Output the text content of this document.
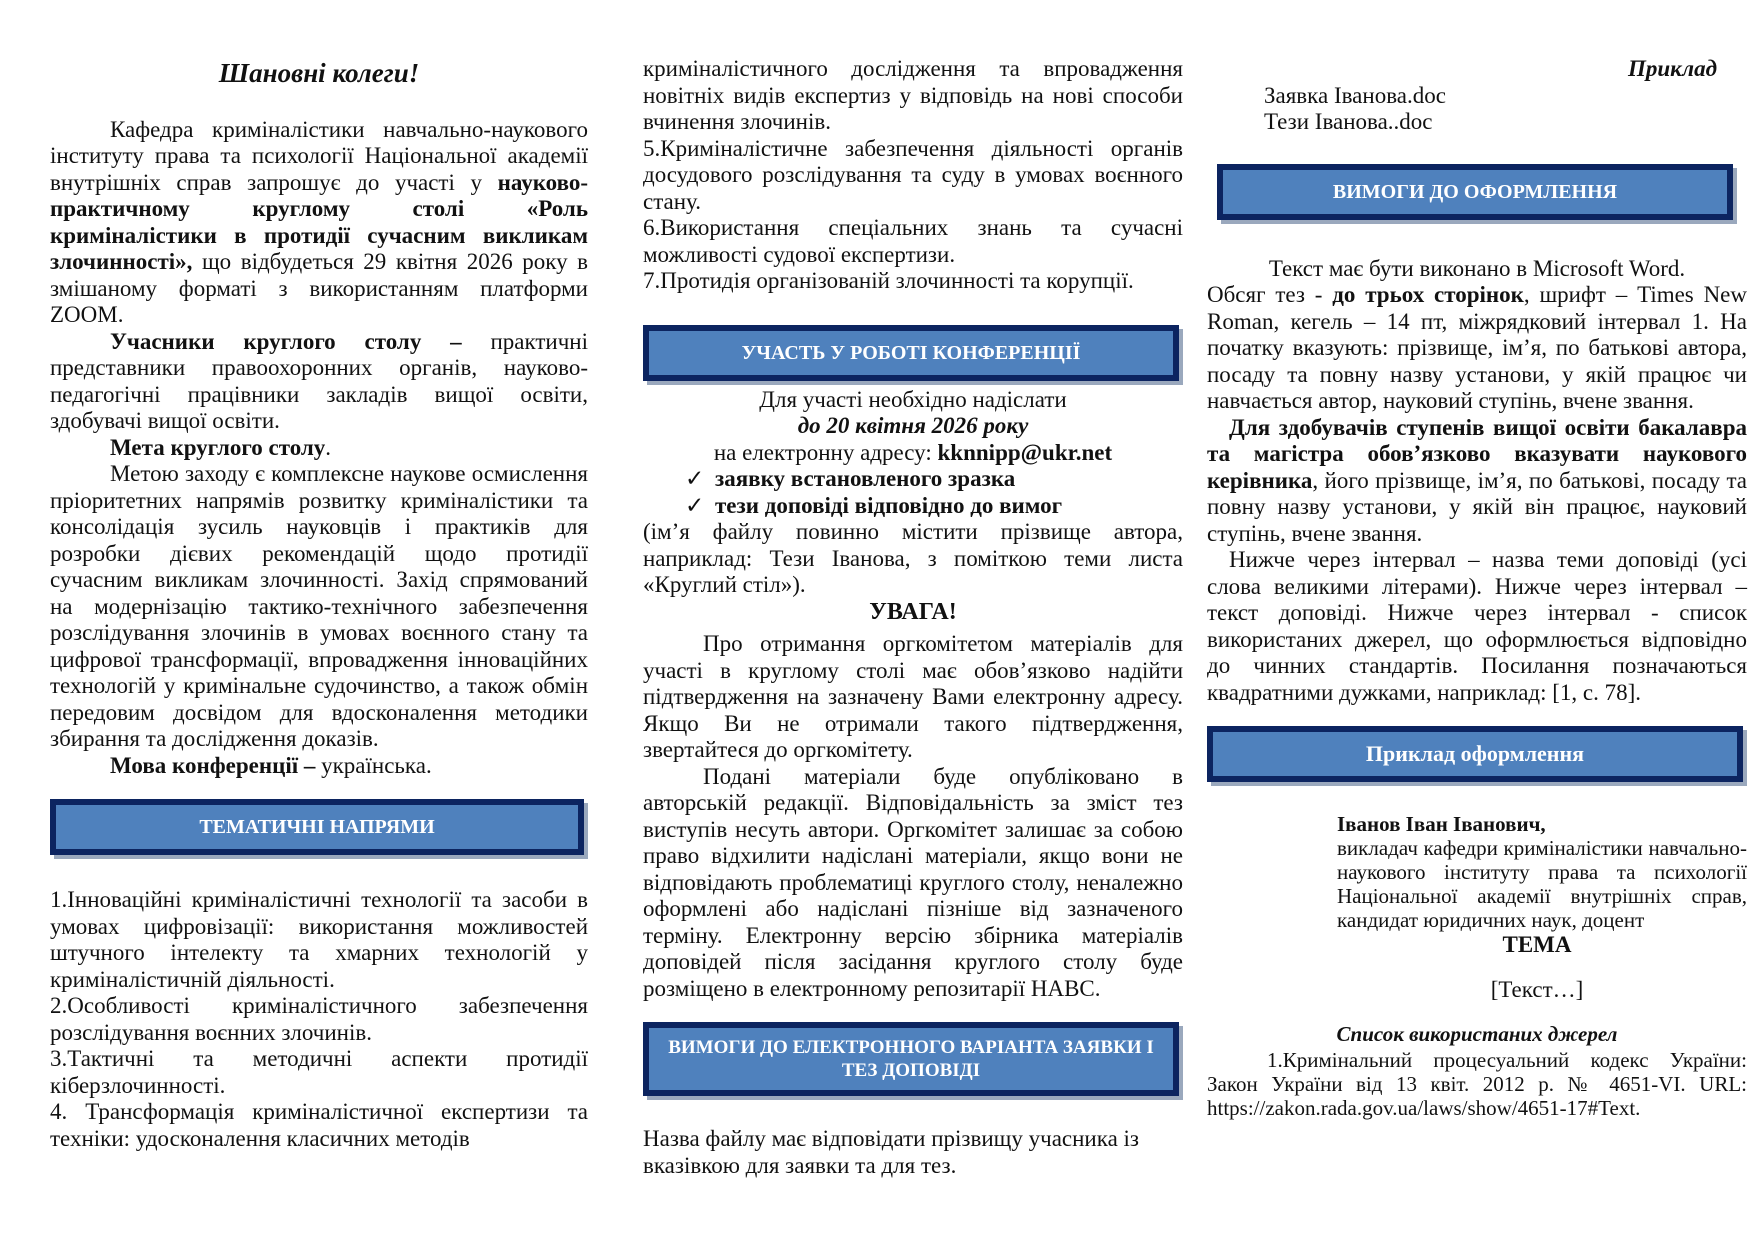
Шановні колеги!

Кафедра криміналістики навчально-наукового інституту права та психології Національної академії внутрішніх справ запрошує до участі у науково-практичному круглому столі «Роль криміналістики в протидії сучасним викликам злочинності», що відбудеться 29 квітня 2026 року в змішаному форматі з використанням платформи ZOOM.

Учасники круглого столу – практичні представники правоохоронних органів, науково-педагогічні працівники закладів вищої освіти, здобувачі вищої освіти.

Мета круглого столу.

Метою заходу є комплексне наукове осмислення пріоритетних напрямів розвитку криміналістики та консолідація зусиль науковців і практиків для розробки дієвих рекомендацій щодо протидії сучасним викликам злочинності. Захід спрямований на модернізацію тактико-технічного забезпечення розслідування злочинів в умовах воєнного стану та цифрової трансформації, впровадження інноваційних технологій у кримінальне судочинство, а також обмін передовим досвідом для вдосконалення методики збирання та дослідження доказів.

Мова конференції – українська.

ТЕМАТИЧНІ НАПРЯМИ

1.Інноваційні криміналістичні технології та засоби в умовах цифровізації: використання можливостей штучного інтелекту та хмарних технологій у криміналістичній діяльності.

2.Особливості криміналістичного забезпечення розслідування воєнних злочинів.

3.Тактичні та методичні аспекти протидії кіберзлочинності.

4. Трансформація криміналістичної експертизи та техніки: удосконалення класичних методів

криміналістичного дослідження та впровадження новітніх видів експертиз у відповідь на нові способи вчинення злочинів.

5.Криміналістичне забезпечення діяльності органів досудового розслідування та суду в умовах воєнного стану.

6.Використання спеціальних знань та сучасні можливості судової експертизи.

7.Протидія організованій злочинності та корупції.

УЧАСТЬ У РОБОТІ КОНФЕРЕНЦІЇ

Для участі необхідно надіслати

до 20 квітня 2026 року

на електронну адресу: kknnipp@ukr.net

✓ заявку встановленого зразка
✓ тези доповіді відповідно до вимог

(ім’я файлу повинно містити прізвище автора, наприклад: Тези Іванова, з поміткою теми листа «Круглий стіл»).

УВАГА!

Про отримання оргкомітетом матеріалів для участі в круглому столі має обов’язково надійти підтвердження на зазначену Вами електронну адресу. Якщо Ви не отримали такого підтвердження, звертайтеся до оргкомітету.

Подані матеріали буде опубліковано в авторській редакції. Відповідальність за зміст тез виступів несуть автори. Оргкомітет залишає за собою право відхилити надіслані матеріали, якщо вони не відповідають проблематиці круглого столу, неналежно оформлені або надіслані пізніше від зазначеного терміну. Електронну версію збірника матеріалів доповідей після засідання круглого столу буде розміщено в електронному репозитарії НАВС.

ВИМОГИ ДО ЕЛЕКТРОННОГО ВАРІАНТА ЗАЯВКИ І ТЕЗ ДОПОВІДІ

Назва файлу має відповідати прізвищу учасника із вказівкою для заявки та для тез.

Приклад

Заявка Іванова.doc

Тези Іванова..doc

ВИМОГИ ДО ОФОРМЛЕННЯ

Текст має бути виконано в Microsoft Word.

Обсяг тез - до трьох сторінок, шрифт – Times New Roman, кегель – 14 пт, міжрядковий інтервал 1. На початку вказують: прізвище, ім’я, по батькові автора, посаду та повну назву установи, у якій працює чи навчається автор, науковий ступінь, вчене звання.

Для здобувачів ступенів вищої освіти бакалавра та магістра обов’язково вказувати наукового керівника, його прізвище, ім’я, по батькові, посаду та повну назву установи, у якій він працює, науковий ступінь, вчене звання.

Нижче через інтервал – назва теми доповіді (усі слова великими літерами). Нижче через інтервал – текст доповіді. Нижче через інтервал - список використаних джерел, що оформлюється відповідно до чинних стандартів. Посилання позначаються квадратними дужками, наприклад: [1, с. 78].

Приклад оформлення

Іванов Іван Іванович,

викладач кафедри криміналістики навчально-наукового інституту права та психології Національної академії внутрішніх справ, кандидат юридичних наук, доцент

ТЕМА

[Текст…]

Список використаних джерел

1.Кримінальний процесуальний кодекс України: Закон України від 13 квіт. 2012 р. № 4651-VI. URL: https://zakon.rada.gov.ua/laws/show/4651-17#Text.
